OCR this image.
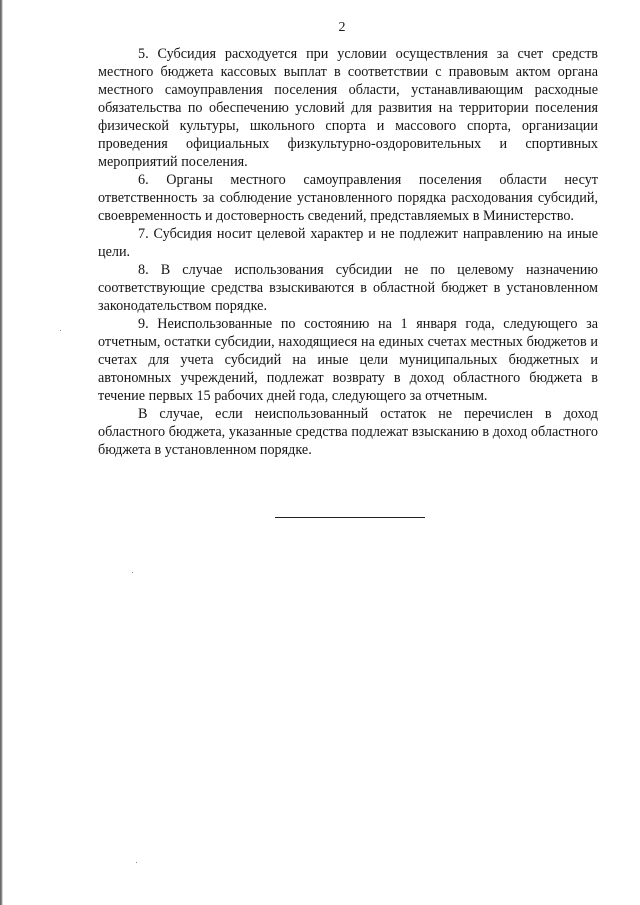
2

5. Субсидия расходуется при условии осуществления за счет средств местного бюджета кассовых выплат в соответствии с правовым актом органа местного самоуправления поселения области, устанавливающим расходные обязательства по обеспечению условий для развития на территории поселения физической культуры, школьного спорта и массового спорта, организации проведения официальных физкультурно-оздоровительных и спортивных мероприятий поселения.

6. Органы местного самоуправления поселения области несут ответственность за соблюдение установленного порядка расходования субсидий, своевременность и достоверность сведений, представляемых в Министерство.

7. Субсидия носит целевой характер и не подлежит направлению на иные цели.

8. В случае использования субсидии не по целевому назначению соответствующие средства взыскиваются в областной бюджет в установленном законодательством порядке.

9. Неиспользованные по состоянию на 1 января года, следующего за отчетным, остатки субсидии, находящиеся на единых счетах местных бюджетов и счетах для учета субсидий на иные цели муниципальных бюджетных и автономных учреждений, подлежат возврату в доход областного бюджета в течение первых 15 рабочих дней года, следующего за отчетным.

В случае, если неиспользованный остаток не перечислен в доход областного бюджета, указанные средства подлежат взысканию в доход областного бюджета в установленном порядке.
